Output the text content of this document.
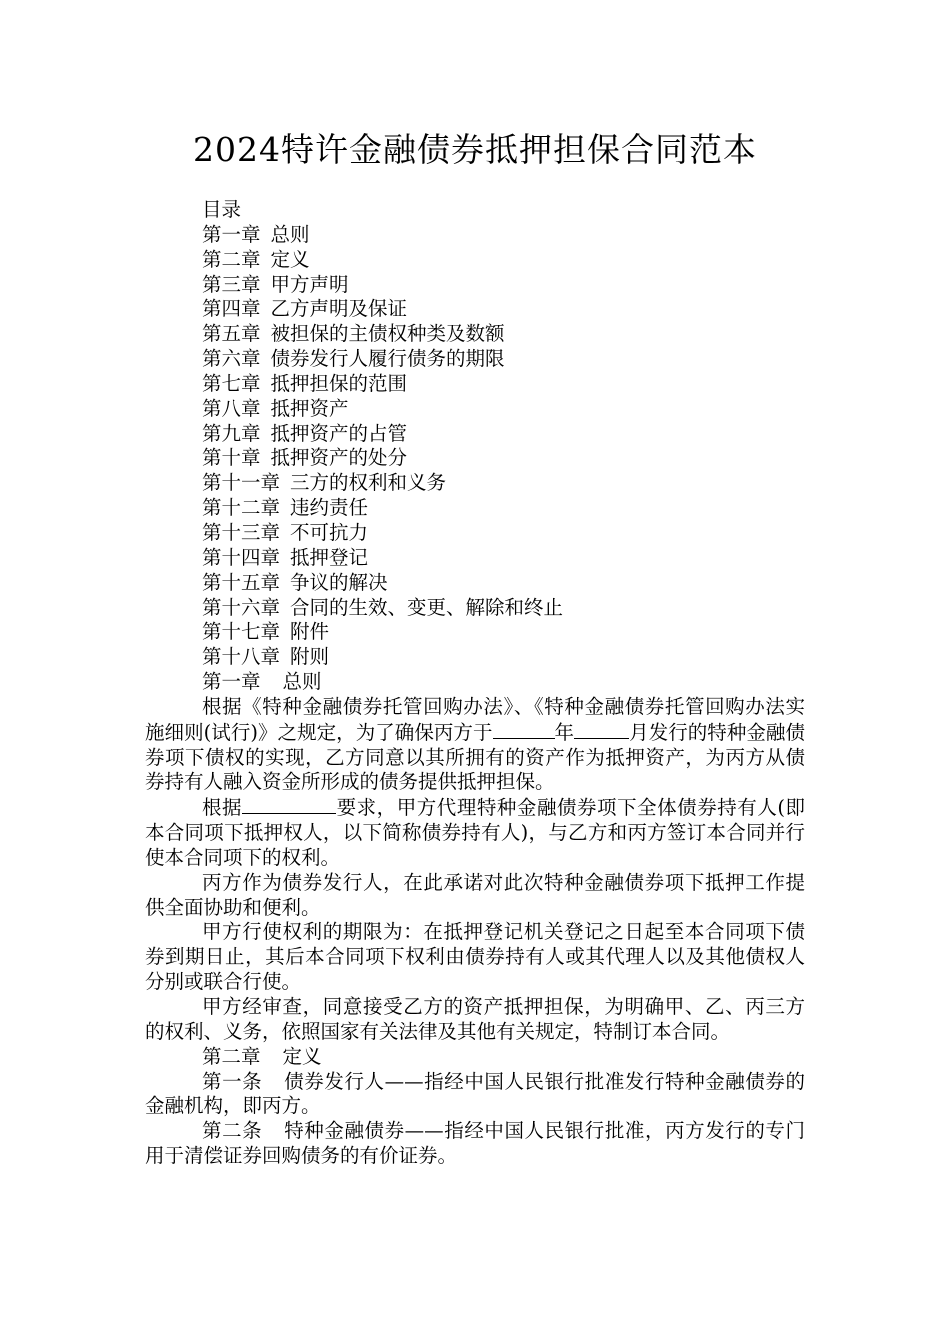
2024特许金融债券抵押担保合同范本
目录
第一章 总则
第二章 定义
第三章 甲方声明
第四章 乙方声明及保证
第五章 被担保的主债权种类及数额
第六章 债券发行人履行债务的期限
第七章 抵押担保的范围
第八章 抵押资产
第九章 抵押资产的占管
第十章 抵押资产的处分
第十一章 三方的权利和义务
第十二章 违约责任
第十三章 不可抗力
第十四章 抵押登记
第十五章 争议的解决
第十六章 合同的生效、变更、解除和终止
第十七章 附件
第十八章 附则
第一章 总则

根据《特种金融债券托管回购办法》、《特种金融债券托管回购办法实施细则(试行)》之规定，为了确保丙方于	年	月发行的特种金融债券项下债权的实现，乙方同意以其所拥有的资产作为抵押资产，为丙方从债券持有人融入资金所形成的债务提供抵押担保。

根据	要求，甲方代理特种金融债券项下全体债券持有人(即本合同项下抵押权人，以下简称债券持有人)，与乙方和丙方签订本合同并行使本合同项下的权利。

丙方作为债券发行人，在此承诺对此次特种金融债券项下抵押工作提供全面协助和便利。

甲方行使权利的期限为：在抵押登记机关登记之日起至本合同项下债券到期日止，其后本合同项下权利由债券持有人或其代理人以及其他债权人分别或联合行使。

甲方经审查，同意接受乙方的资产抵押担保，为明确甲、乙、丙三方的权利、义务，依照国家有关法律及其他有关规定，特制订本合同。

第二章 定义

第一条 债券发行人——指经中国人民银行批准发行特种金融债券的金融机构，即丙方。

第二条 特种金融债券——指经中国人民银行批准，丙方发行的专门用于清偿证券回购债务的有价证券。
